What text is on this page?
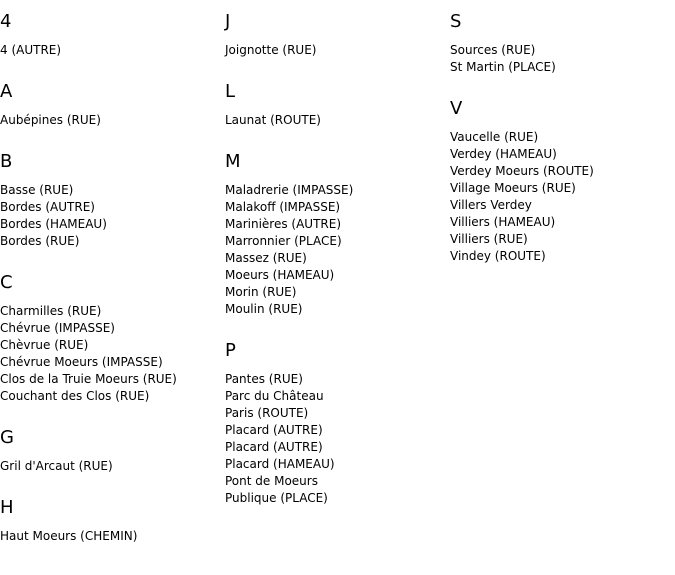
4
4 (AUTRE)
A
Aubépines (RUE)
B
Basse (RUE)
Bordes (AUTRE)
Bordes (HAMEAU)
Bordes (RUE)
C
Charmilles (RUE)
Chévrue (IMPASSE)
Chèvrue (RUE)
Chévrue Moeurs (IMPASSE)
Clos de la Truie Moeurs (RUE)
Couchant des Clos (RUE)
G
Gril d'Arcaut (RUE)
H
Haut Moeurs (CHEMIN)
J
Joignotte (RUE)
L
Launat (ROUTE)
M
Maladrerie (IMPASSE)
Malakoff (IMPASSE)
Marinières (AUTRE)
Marronnier (PLACE)
Massez (RUE)
Moeurs (HAMEAU)
Morin (RUE)
Moulin (RUE)
P
Pantes (RUE)
Parc du Château
Paris (ROUTE)
Placard (AUTRE)
Placard (AUTRE)
Placard (HAMEAU)
Pont de Moeurs
Publique (PLACE)
S
Sources (RUE)
St Martin (PLACE)
V
Vaucelle (RUE)
Verdey (HAMEAU)
Verdey Moeurs (ROUTE)
Village Moeurs (RUE)
Villers Verdey
Villiers (HAMEAU)
Villiers (RUE)
Vindey (ROUTE)
